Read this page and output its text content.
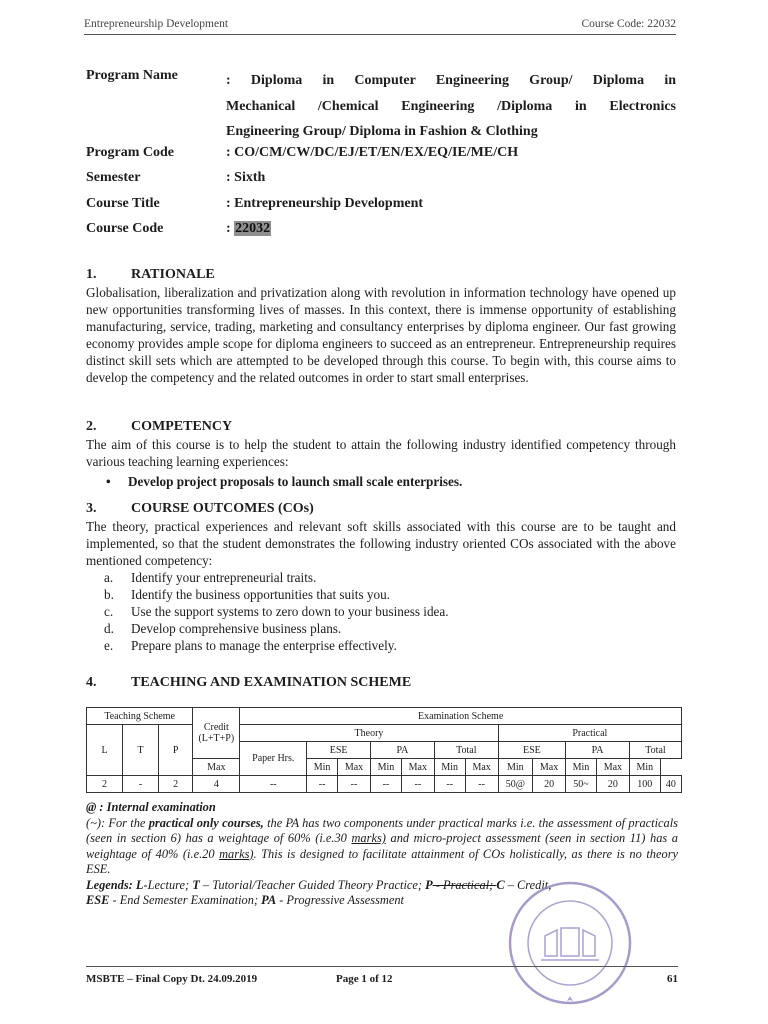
Entrepreneurship Development	Course Code: 22032
Program Name	: Diploma in Computer Engineering Group/ Diploma in
Mechanical /Chemical Engineering /Diploma in Electronics
Engineering Group/ Diploma in Fashion & Clothing
Program Code	: CO/CM/CW/DC/EJ/ET/EN/EX/EQ/IE/ME/CH
Semester	: Sixth
Course Title	: Entrepreneurship Development
Course Code	: 22032
1. RATIONALE

Globalisation, liberalization and privatization along with revolution in information technology have opened up new opportunities transforming lives of masses. In this context, there is immense opportunity of establishing manufacturing, service, trading, marketing and consultancy enterprises by diploma engineer. Our fast growing economy provides ample scope for diploma engineers to succeed as an entrepreneur. Entrepreneurship requires distinct skill sets which are attempted to be developed through this course. To begin with, this course aims to develop the competency and the related outcomes in order to start small enterprises.

2. COMPETENCY

The aim of this course is to help the student to attain the following industry identified competency through various teaching learning experiences:

• Develop project proposals to launch small scale enterprises.
3. COURSE OUTCOMES (COs)

The theory, practical experiences and relevant soft skills associated with this course are to be taught and implemented, so that the student demonstrates the following industry oriented COs associated with the above mentioned competency:

a. Identify your entrepreneurial traits.
b. Identify the business opportunities that suits you.
c. Use the support systems to zero down to your business idea.
d. Develop comprehensive business plans.
e. Prepare plans to manage the enterprise effectively.
4. TEACHING AND EXAMINATION SCHEME
Teaching Scheme			Credit (L+T+P)	Examination Scheme												
L	T	P		Theory							Practical					
				Paper Hrs.	ESE		PA		Total		ESE		PA		Total	
			Max		Min	Max	Min	Max	Min	Max	Min	Max	Min	Max	Min	
2	-	2	4	--	--	--	--	--	--	--	50@	20	50~	20	100	40
@ : Internal examination
(~): For the practical only courses, the PA has two components under practical marks i.e. the assessment of practicals (seen in section 6) has a weightage of 60% (i.e.30 marks) and micro-project assessment (seen in section 11) has a weightage of 40% (i.e.20 marks). This is designed to facilitate attainment of COs holistically, as there is no theory ESE.
Legends: L-Lecture; T – Tutorial/Teacher Guided Theory Practice; P - Practical; C – Credit,
ESE - End Semester Examination; PA - Progressive Assessment
MSBTE – Final Copy Dt. 24.09.2019	Page 1 of 12	61
